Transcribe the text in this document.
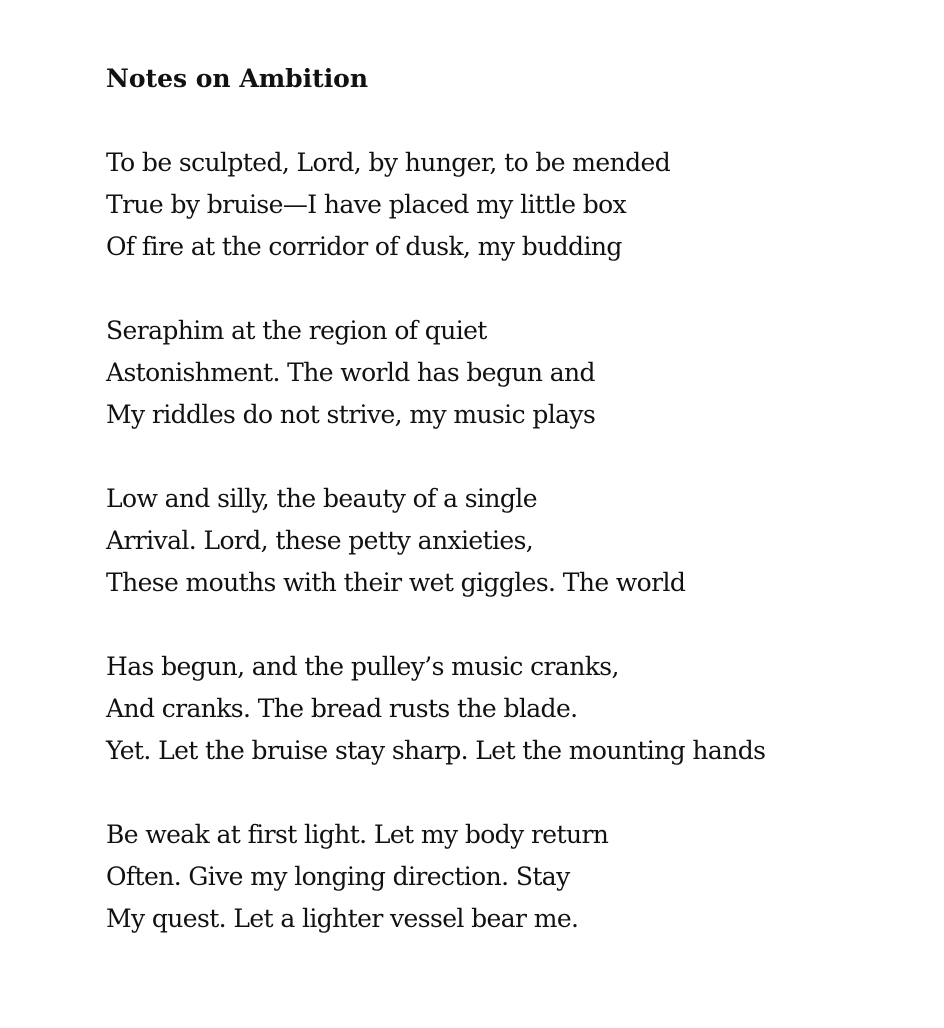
Notes on Ambition
To be sculpted, Lord, by hunger, to be mended
True by bruise—I have placed my little box
Of fire at the corridor of dusk, my budding
Seraphim at the region of quiet
Astonishment. The world has begun and
My riddles do not strive, my music plays
Low and silly, the beauty of a single
Arrival. Lord, these petty anxieties,
These mouths with their wet giggles. The world
Has begun, and the pulley’s music cranks,
And cranks. The bread rusts the blade.
Yet. Let the bruise stay sharp. Let the mounting hands
Be weak at first light. Let my body return
Often. Give my longing direction. Stay
My quest. Let a lighter vessel bear me.
